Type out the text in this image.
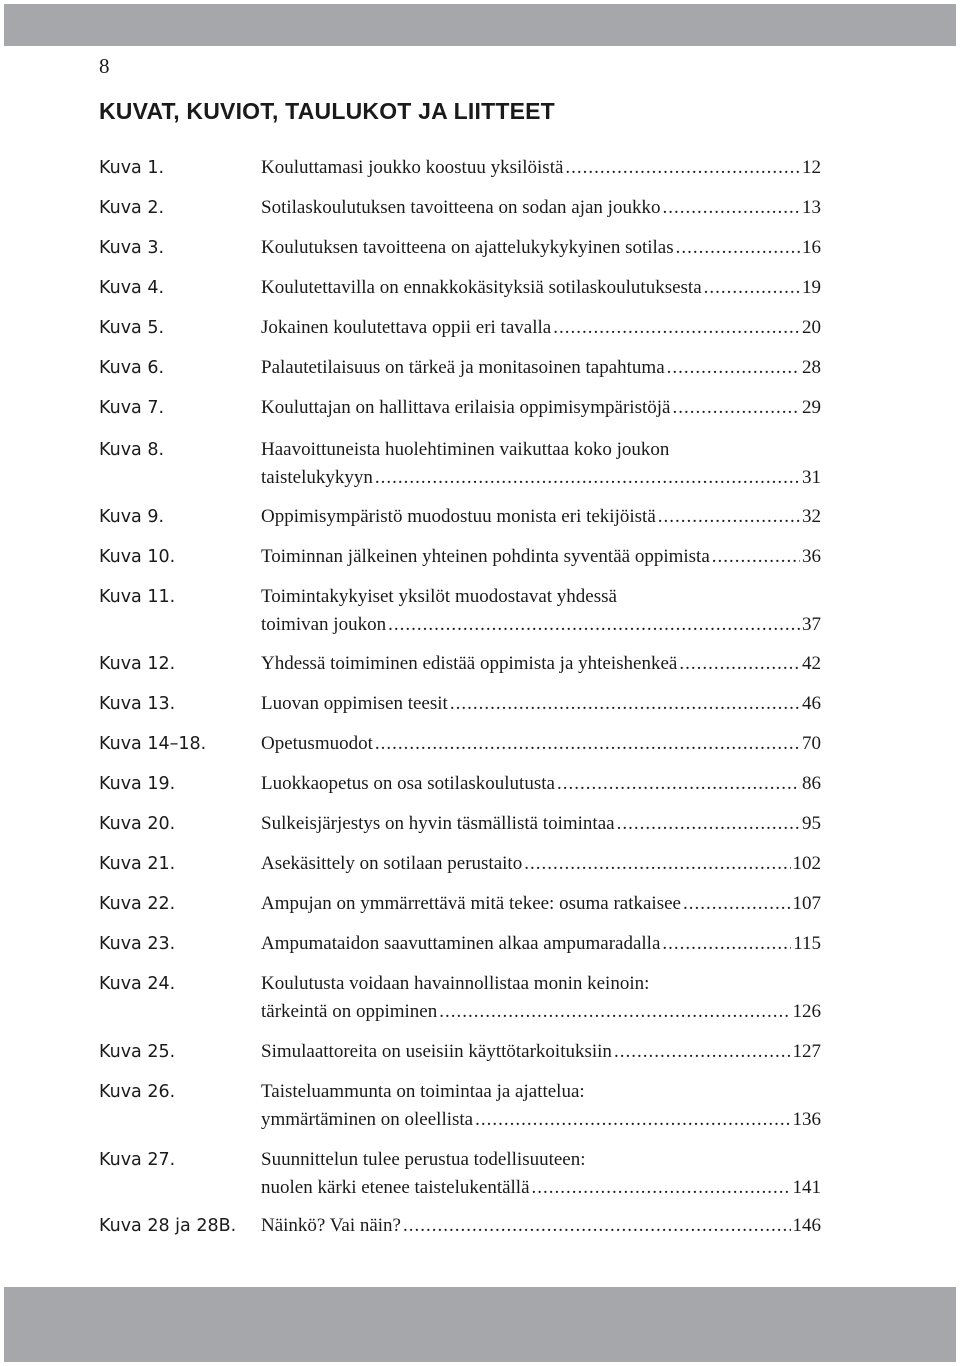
8
KUVAT, KUVIOT, TAULUKOT JA LIITTEET
Kuva 1.	Kouluttamasi joukko koostuu yksilöistä .....	12
Kuva 2.	Sotilaskoulutuksen tavoitteena on sodan ajan joukko .....	13
Kuva 3.	Koulutuksen tavoitteena on ajattelukykykyinen sotilas .....	16
Kuva 4.	Koulutettavilla on ennakkokäsityksiä sotilaskoulutuksesta .....	19
Kuva 5.	Jokainen koulutettava oppii eri tavalla .....	20
Kuva 6.	Palautetilaisuus on tärkeä ja monitasoinen tapahtuma .....	28
Kuva 7.	Kouluttajan on hallittava erilaisia oppimisympäristöjä .....	29
Kuva 8.	Haavoittuneista huolehtiminen vaikuttaa koko joukon
taistelukykyyn .....	31
Kuva 9.	Oppimisympäristö muodostuu monista eri tekijöistä .....	32
Kuva 10.	Toiminnan jälkeinen yhteinen pohdinta syventää oppimista .....	36
Kuva 11.	Toimintakykyiset yksilöt muodostavat yhdessä
toimivan joukon .....	37
Kuva 12.	Yhdessä toimiminen edistää oppimista ja yhteishenkeä .....	42
Kuva 13.	Luovan oppimisen teesit .....	46
Kuva 14–18.	Opetusmuodot .....	70
Kuva 19.	Luokkaopetus on osa sotilaskoulutusta .....	86
Kuva 20.	Sulkeisjärjestys on hyvin täsmällistä toimintaa .....	95
Kuva 21.	Asekäsittely on sotilaan perustaito .....	102
Kuva 22.	Ampujan on ymmärrettävä mitä tekee: osuma ratkaisee .....	107
Kuva 23.	Ampumataidon saavuttaminen alkaa ampumaradalla .....	115
Kuva 24.	Koulutusta voidaan havainnollistaa monin keinoin:
tärkeintä on oppiminen .....	126
Kuva 25.	Simulaattoreita on useisiin käyttötarkoituksiin .....	127
Kuva 26.	Taisteluammunta on toimintaa ja ajattelua:
ymmärtäminen on oleellista .....	136
Kuva 27.	Suunnittelun tulee perustua todellisuuteen:
nuolen kärki etenee taistelukentällä .....	141
Kuva 28 ja 28B. Näinkö? Vai näin? .....	146
